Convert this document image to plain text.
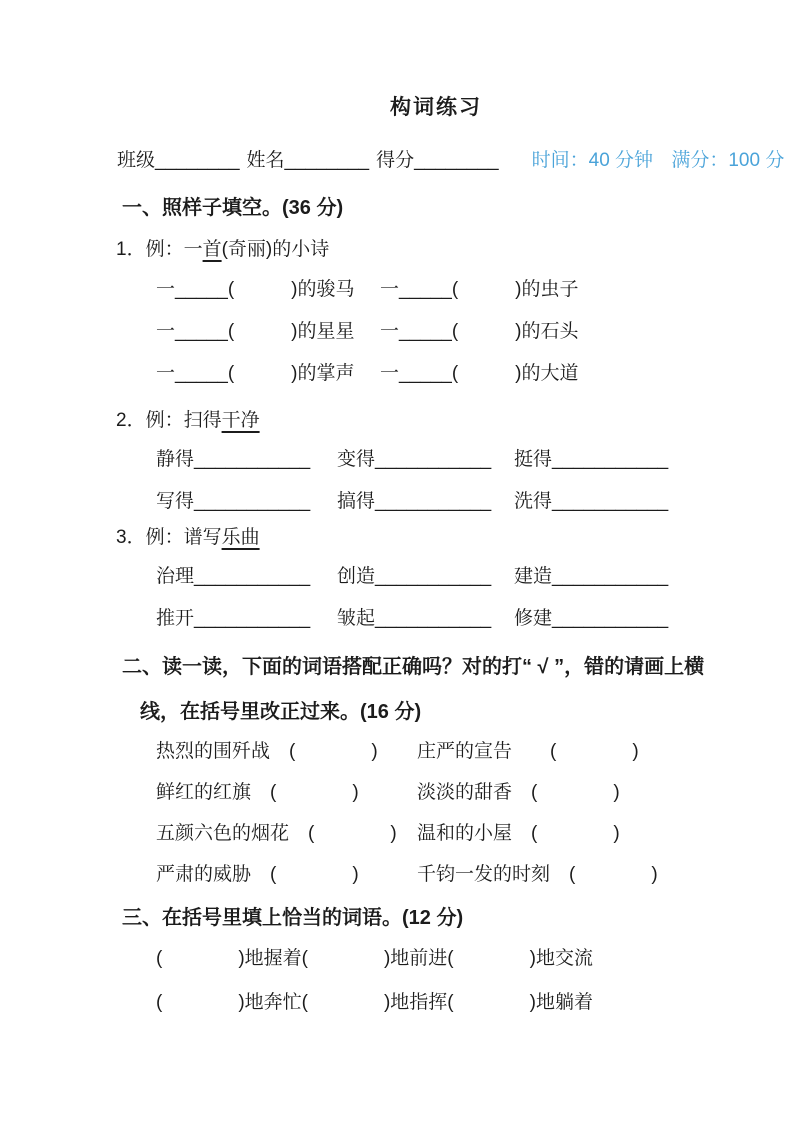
构词练习
班级________ 姓名________ 得分________ 时间：40 分钟 满分：100 分
一、照样子填空。(36 分)
1．例：一首(奇丽)的小诗
一_____(　　　)的骏马	一_____(　　　)的虫子
一_____(　　　)的星星	一_____(　　　)的石头
一_____(　　　)的掌声	一_____(　　　)的大道
2．例：扫得干净
静得___________	变得___________	挺得___________
写得___________	搞得___________	洗得___________
3．例：谱写乐曲
治理___________	创造___________	建造___________
推开___________	皱起___________	修建___________
二、读一读，下面的词语搭配正确吗？对的打“ √ ”，错的请画上横
线，在括号里改正过来。(16 分)
热烈的围歼战　(　　　　)	庄严的宣告　　(　　　　)
鲜红的红旗　(　　　　)	淡淡的甜香　(　　　　)
五颜六色的烟花　(　　　　)	温和的小屋　(　　　　)
严肃的威胁　(　　　　)	千钧一发的时刻　(　　　　)
三、在括号里填上恰当的词语。(12 分)
(　　　　)地握着(　　　　)地前进(　　　　)地交流
(　　　　)地奔忙(　　　　)地指挥(　　　　)地躺着
